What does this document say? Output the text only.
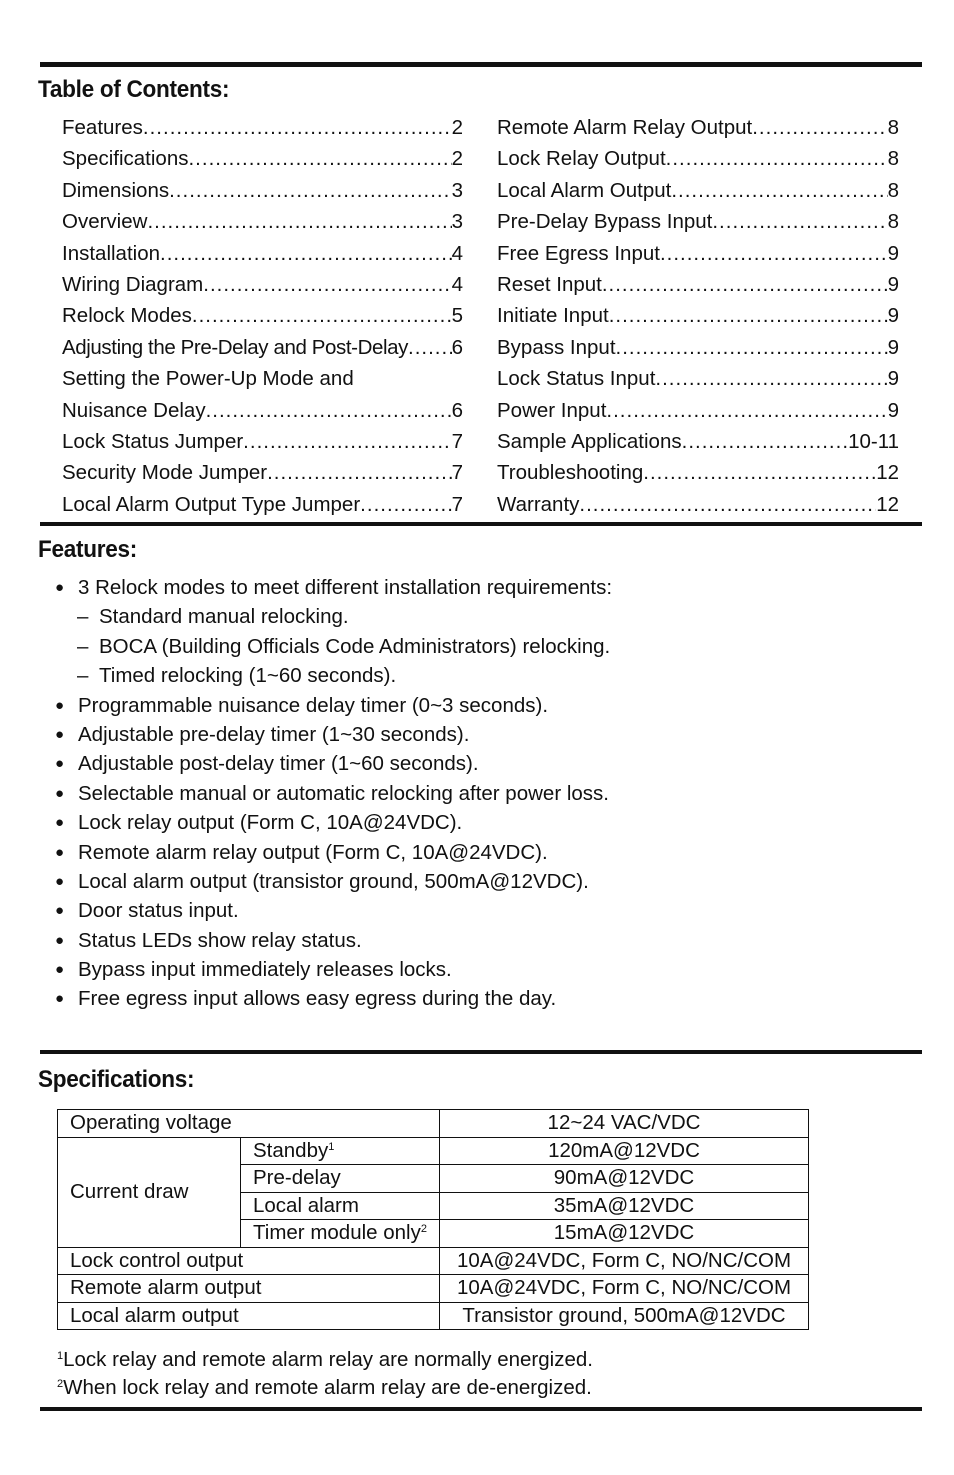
Table of Contents:
Features .....	2
Specifications .....	2
Dimensions .....	3
Overview .....	3
Installation .....	4
Wiring Diagram .....	4
Relock Modes .....	5
Adjusting the Pre-Delay and Post-Delay ..... 6
Setting the Power-Up Mode and
Nuisance Delay .....	6
Lock Status Jumper .....	7
Security Mode Jumper .....	7
Local Alarm Output Type Jumper .....	7
Remote Alarm Relay Output .....	8
Lock Relay Output .....	8
Local Alarm Output .....	8
Pre-Delay Bypass Input .....	8
Free Egress Input .....	9
Reset Input .....	9
Initiate Input .....	9
Bypass Input .....	9
Lock Status Input .....	9
Power Input .....	9
Sample Applications .....	10-11
Troubleshooting .....	12
Warranty .....	12
Features:
● 3 Relock modes to meet different installation requirements:
– Standard manual relocking.
– BOCA (Building Officials Code Administrators) relocking.
– Timed relocking (1~60 seconds).
● Programmable nuisance delay timer (0~3 seconds).
● Adjustable pre-delay timer (1~30 seconds).
● Adjustable post-delay timer (1~60 seconds).
● Selectable manual or automatic relocking after power loss.
● Lock relay output (Form C, 10A@24VDC).
● Remote alarm relay output (Form C, 10A@24VDC).
● Local alarm output (transistor ground, 500mA@12VDC).
● Door status input.
● Status LEDs show relay status.
● Bypass input immediately releases locks.
● Free egress input allows easy egress during the day.
Specifications:
Operating voltage		12~24 VAC/VDC
Current draw	Standby$^1$	120mA@12VDC
	Pre-delay	90mA@12VDC
	Local alarm	35mA@12VDC
	Timer module only$^2$	15mA@12VDC
Lock control output		10A@24VDC, Form C, NO/NC/COM
Remote alarm output		10A@24VDC, Form C, NO/NC/COM
Local alarm output		Transistor ground, 500mA@12VDC
$^1$Lock relay and remote alarm relay are normally energized.
$^2$When lock relay and remote alarm relay are de-energized.
